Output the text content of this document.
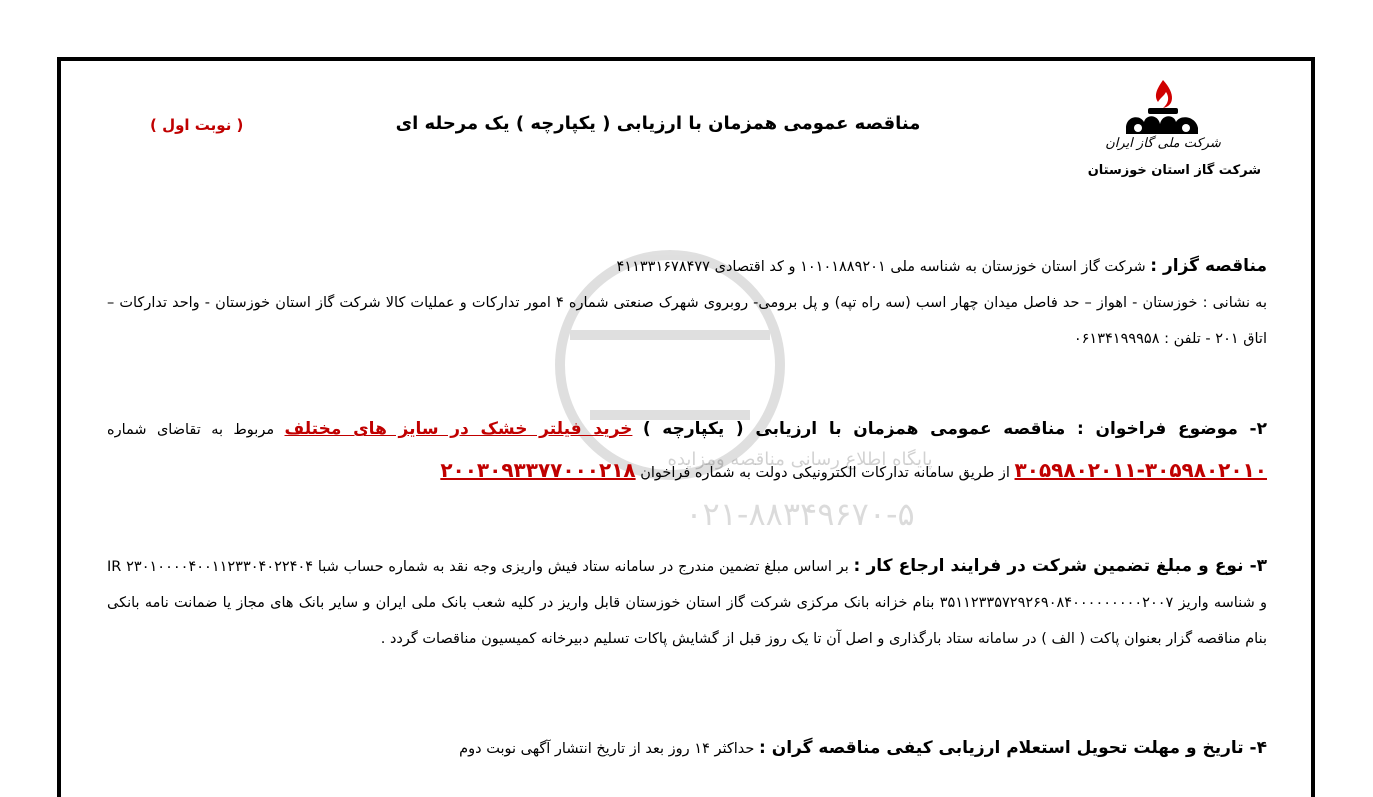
شرکت ملی گاز ایران
شرکت گاز استان خوزستان
مناقصه عمومی همزمان با ارزیابی ( یکپارچه ) یک مرحله ای
( نوبت اول )
پایگاه اطلاع رسانی مناقصه ومزایده
۰۲۱-۸۸۳۴۹۶۷۰-۵
مناقصه گزار : شرکت گاز استان خوزستان به شناسه ملی ۱۰۱۰۱۸۸۹۲۰۱ و کد اقتصادی ۴۱۱۳۳۱۶۷۸۴۷۷
به نشانی : خوزستان - اهواز – حد فاصل میدان چهار اسب (سه راه تپه) و پل برومی- روبروی شهرک صنعتی شماره ۴ امور تدارکات و عملیات کالا شرکت گاز استان خوزستان - واحد تدارکات – اتاق ۲۰۱ - تلفن : ۰۶۱۳۴۱۹۹۹۵۸
۲- موضوع فراخوان : مناقصه عمومی همزمان با ارزیابی ( یکپارچه ) خرید فیلتر خشک در سایز های مختلف مربوط به تقاضای شماره ۳۰۵۹۸۰۲۰۱۰-۳۰۵۹۸۰۲۰۱۱ از طریق سامانه تدارکات الکترونیکی دولت به شماره فراخوان ۲۰۰۳۰۹۳۳۷۷۰۰۰۲۱۸
۳- نوع و مبلغ تضمین شرکت در فرایند ارجاع کار : بر اساس مبلغ تضمین مندرج در سامانه ستاد فیش واریزی وجه نقد به شماره حساب شبا IR ۲۳۰۱۰۰۰۰۴۰۰۱۱۲۳۳۰۴۰۲۲۴۰۴ و شناسه واریز ۳۵۱۱۲۳۳۵۷۲۹۲۶۹۰۸۴۰۰۰۰۰۰۰۰۰۲۰۰۷ بنام خزانه بانک مرکزی شرکت گاز استان خوزستان قابل واریز در کلیه شعب بانک ملی ایران و سایر بانک های مجاز یا ضمانت نامه بانکی بنام مناقصه گزار بعنوان پاکت ( الف ) در سامانه ستاد بارگذاری و اصل آن تا یک روز قبل از گشایش پاکات تسلیم دبیرخانه کمیسیون مناقصات گردد .
۴- تاریخ و مهلت تحویل استعلام ارزیابی کیفی مناقصه گران : حداکثر ۱۴ روز بعد از تاریخ انتشار آگهی نوبت دوم
